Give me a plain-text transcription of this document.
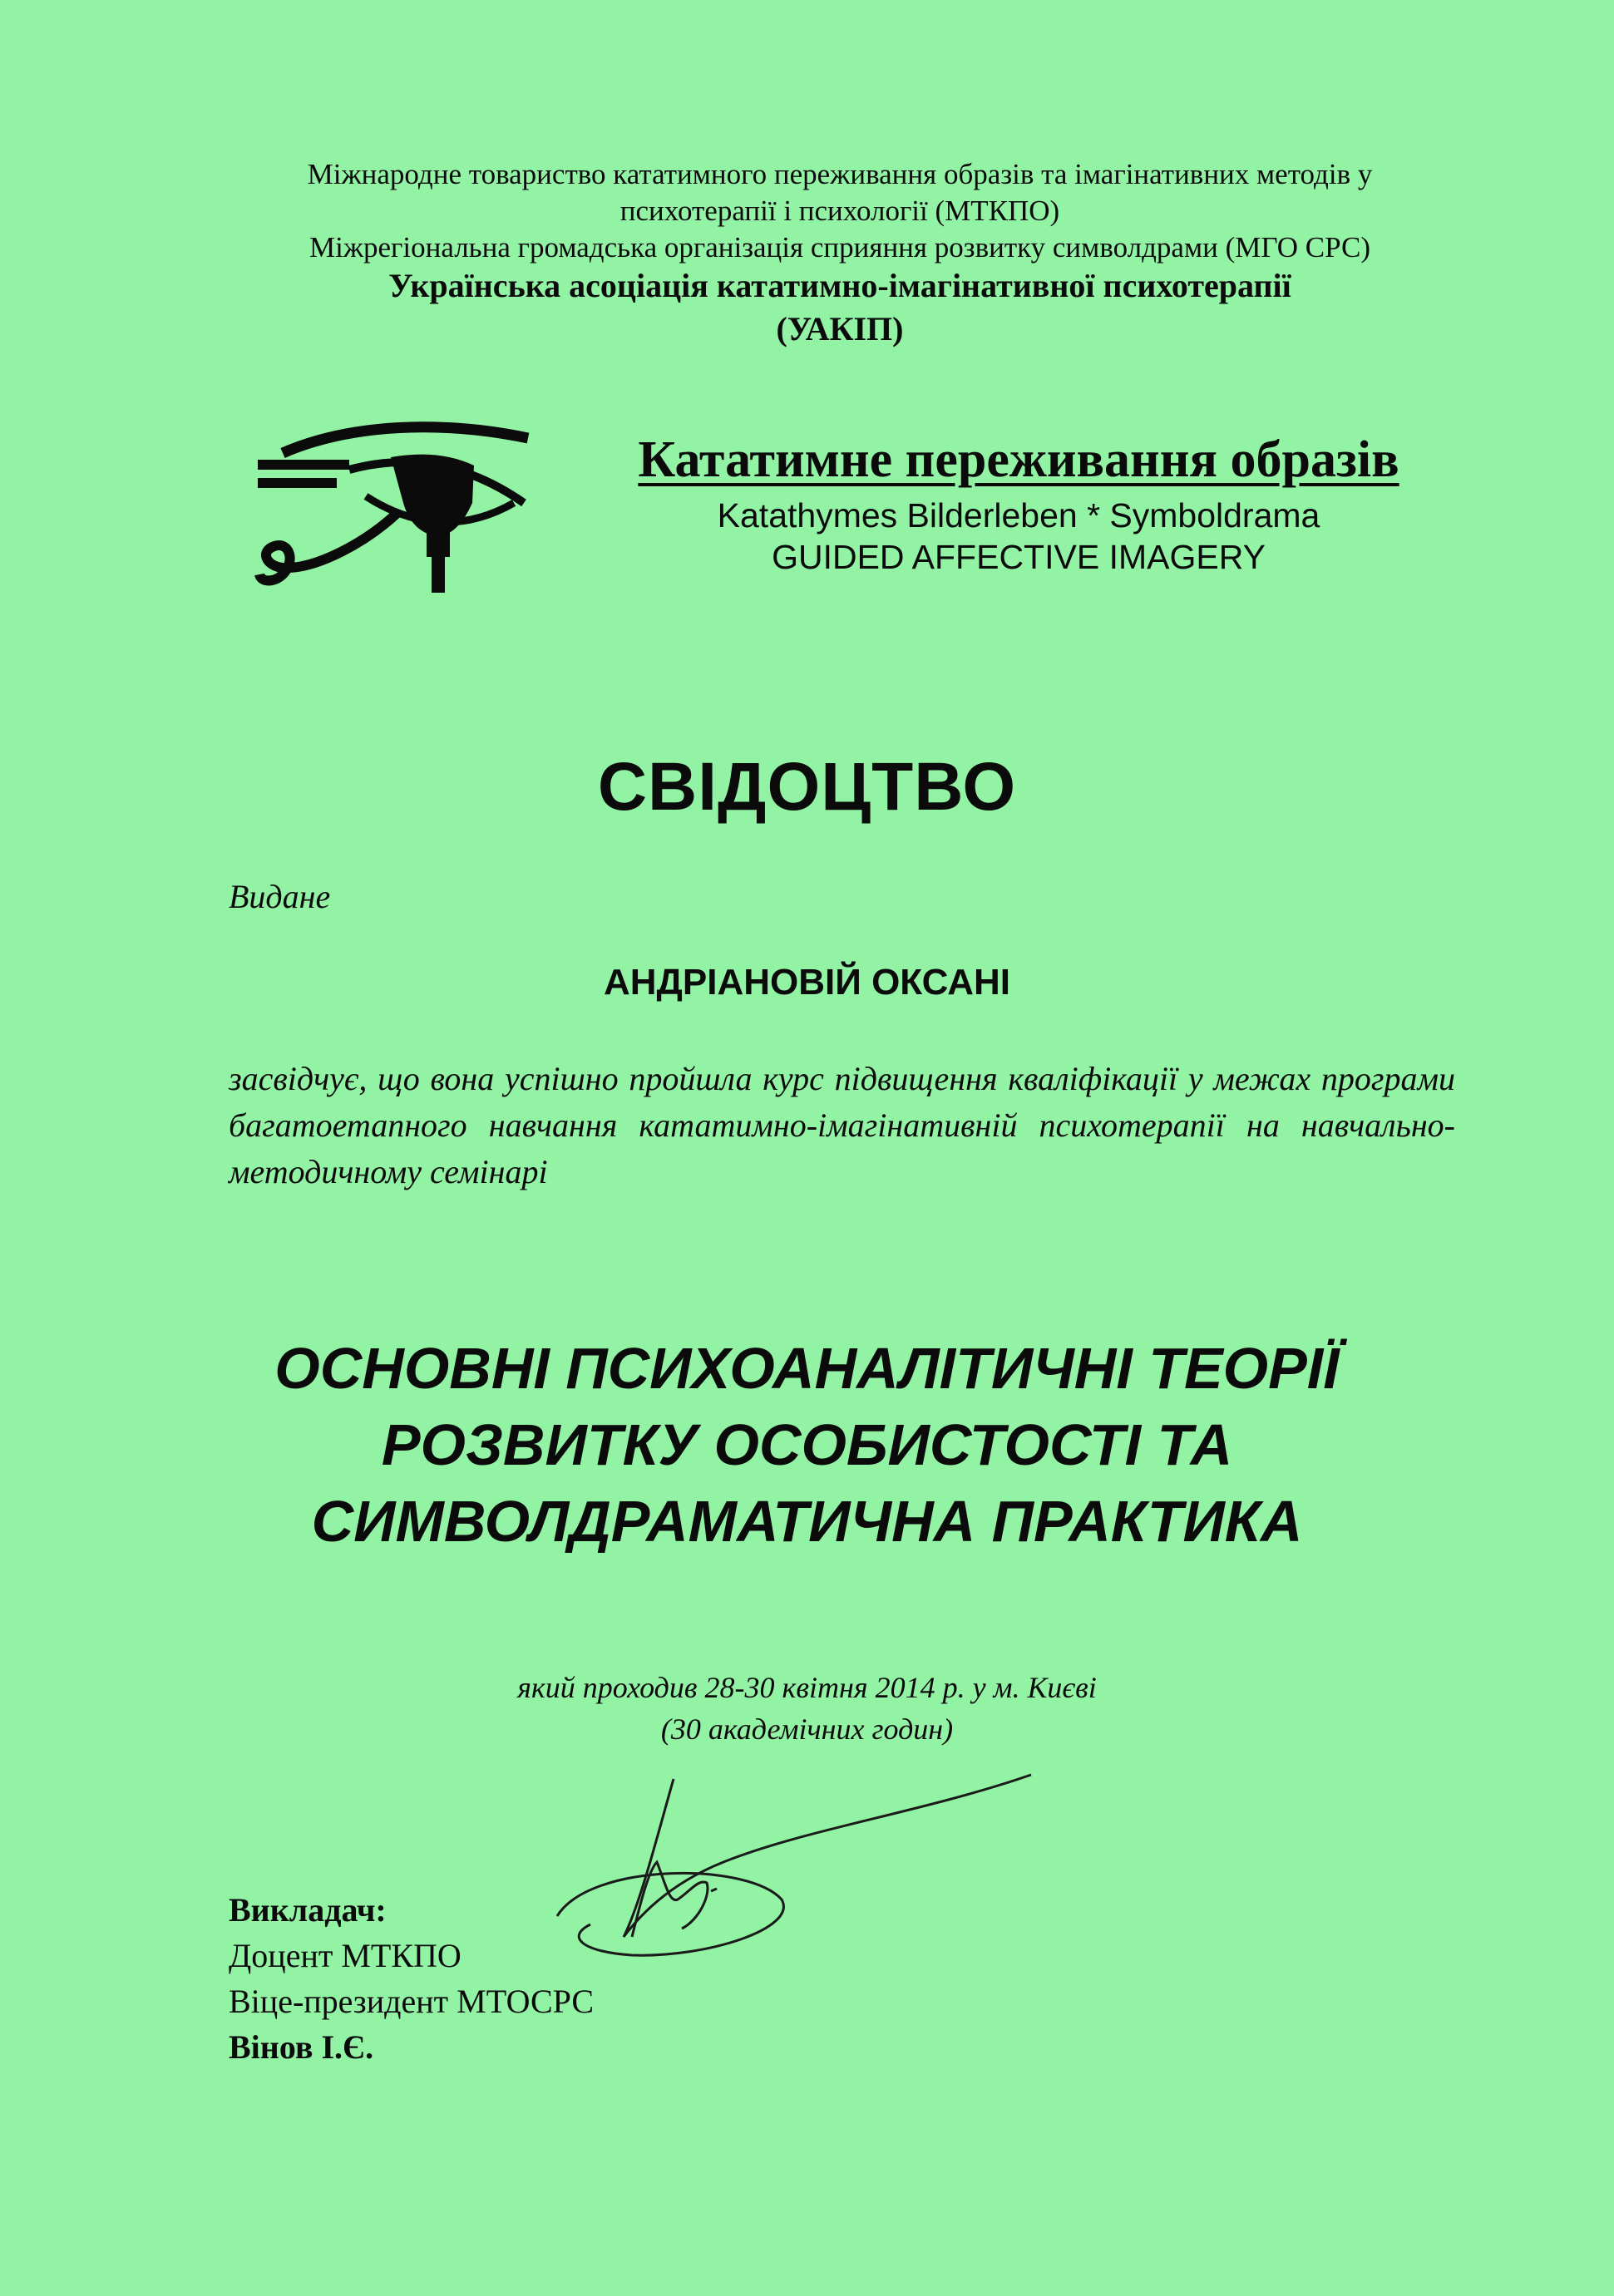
Міжнародне товариство кататимного переживання образів та імагінативних методів у
психотерапії і психології (МТКПО)
Міжрегіональна громадська організація сприяння розвитку символдрами (МГО СРС)
Українська асоціація кататимно-імагінативної психотерапії
(УАКІП)
Кататимне переживання образів
Katathymes Bilderleben * Symboldrama
GUIDED AFFECTIVE IMAGERY
СВІДОЦТВО
Видане
АНДРІАНОВІЙ ОКСАНІ
засвідчує, що вона успішно пройшла курс підвищення кваліфікації у межах програми багатоетапного навчання кататимно-імагінативній психотерапії на навчально-методичному семінарі
ОСНОВНІ ПСИХОАНАЛІТИЧНІ ТЕОРІЇ
РОЗВИТКУ ОСОБИСТОСТІ ТА
СИМВОЛДРАМАТИЧНА ПРАКТИКА
який проходив 28-30 квітня 2014 р. у м. Києві
(30 академічних годин)
Викладач:
Доцент МТКПО
Віце-президент МТОСРС
Вінов І.Є.
